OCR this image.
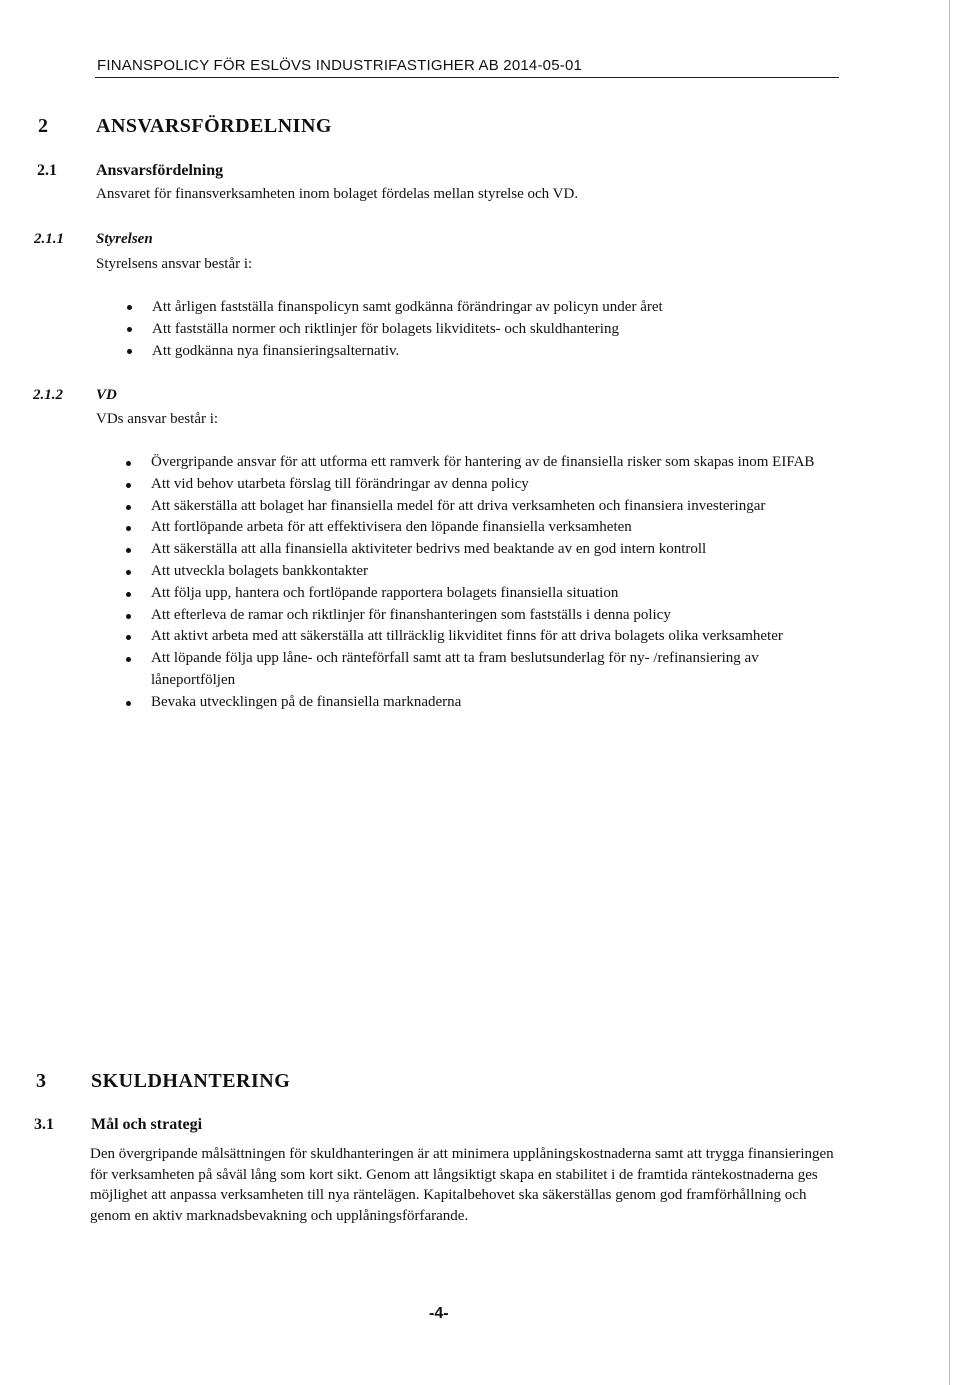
FINANSPOLICY FÖR ESLÖVS INDUSTRIFASTIGHER AB 2014-05-01
2 ANSVARSFÖRDELNING
2.1 Ansvarsfördelning
Ansvaret för finansverksamheten inom bolaget fördelas mellan styrelse och VD.
2.1.1 Styrelsen
Styrelsens ansvar består i:
Att årligen fastställa finanspolicyn samt godkänna förändringar av policyn under året
Att fastställa normer och riktlinjer för bolagets likviditets- och skuldhantering
Att godkänna nya finansieringsalternativ.
2.1.2 VD
VDs ansvar består i:
Övergripande ansvar för att utforma ett ramverk för hantering av de finansiella risker som skapas inom EIFAB
Att vid behov utarbeta förslag till förändringar av denna policy
Att säkerställa att bolaget har finansiella medel för att driva verksamheten och finansiera investeringar
Att fortlöpande arbeta för att effektivisera den löpande finansiella verksamheten
Att säkerställa att alla finansiella aktiviteter bedrivs med beaktande av en god intern kontroll
Att utveckla bolagets bankkontakter
Att följa upp, hantera och fortlöpande rapportera bolagets finansiella situation
Att efterleva de ramar och riktlinjer för finanshanteringen som fastställs i denna policy
Att aktivt arbeta med att säkerställa att tillräcklig likviditet finns för att driva bolagets olika verksamheter
Att löpande följa upp låne- och ränteförfall samt att ta fram beslutsunderlag för ny- /refinansiering av låneportföljen
Bevaka utvecklingen på de finansiella marknaderna
3 SKULDHANTERING
3.1 Mål och strategi
Den övergripande målsättningen för skuldhanteringen är att minimera upplåningskostnaderna samt att trygga finansieringen för verksamheten på såväl lång som kort sikt. Genom att långsiktigt skapa en stabilitet i de framtida räntekostnaderna ges möjlighet att anpassa verksamheten till nya räntelägen. Kapitalbehovet ska säkerställas genom god framförhållning och genom en aktiv marknadsbevakning och upplåningsförfarande.
-4-
